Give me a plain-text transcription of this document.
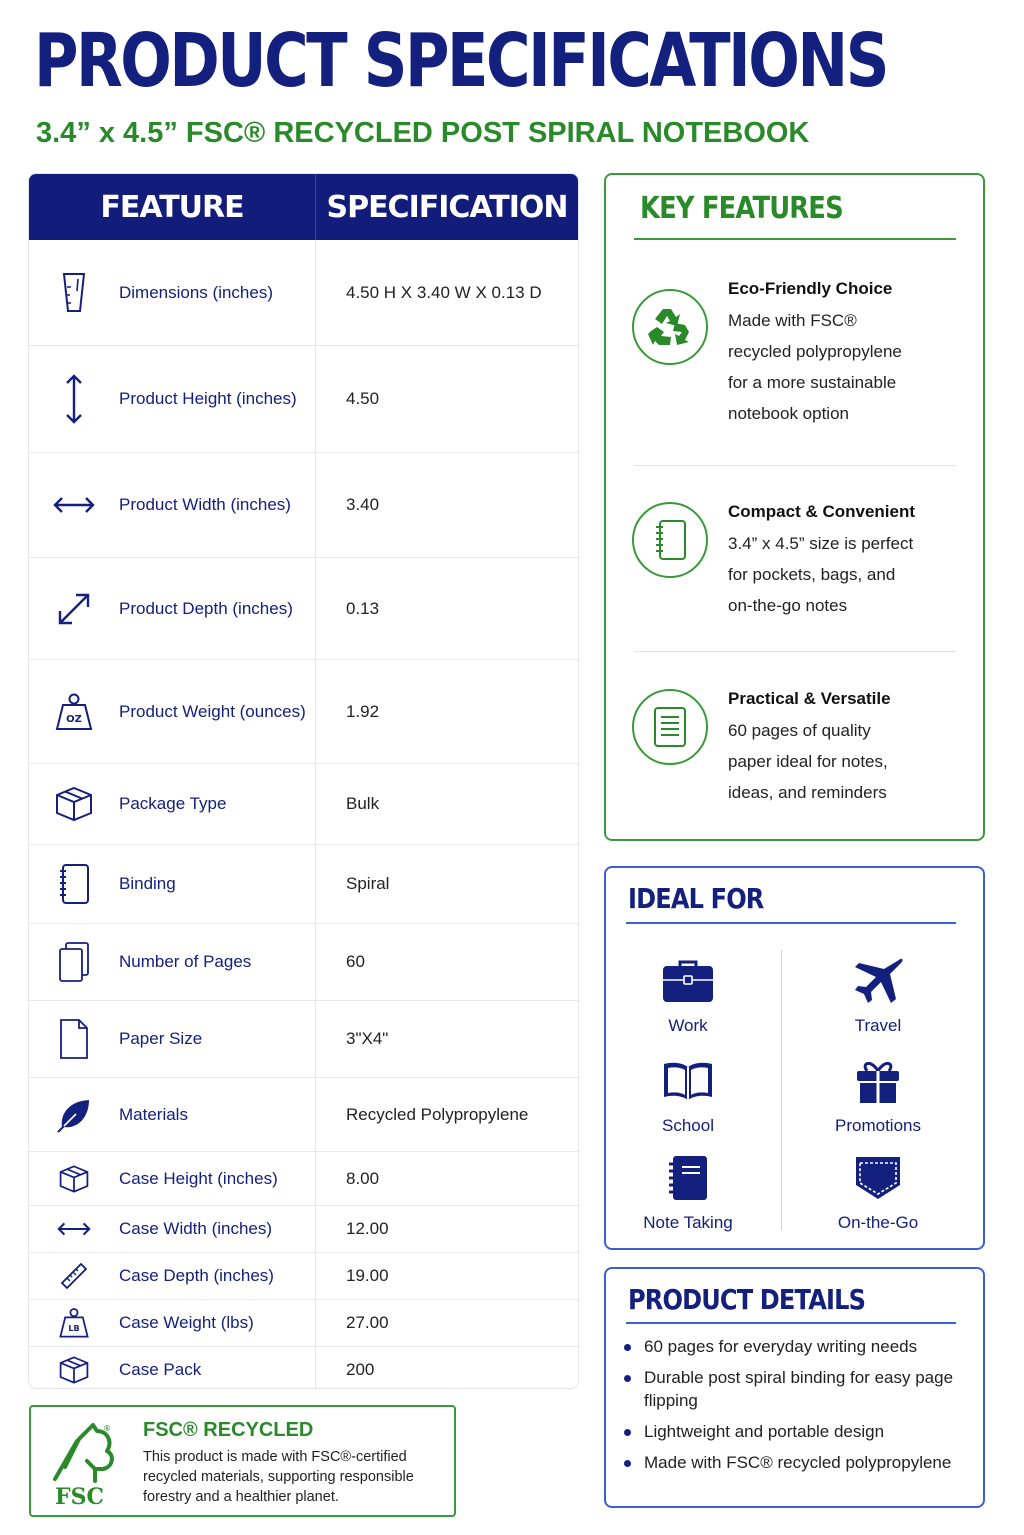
PRODUCT SPECIFICATIONS
3.4” x 4.5” FSC® RECYCLED POST SPIRAL NOTEBOOK
FEATURE	SPECIFICATION
Dimensions (inches)	4.50 H X 3.40 W X 0.13 D
Product Height (inches)	4.50
Product Width (inches)	3.40
Product Depth (inches)	0.13
OZ Product Weight (ounces)	1.92
Package Type	Bulk
Binding	Spiral
Number of Pages	60
Paper Size	3"X4"
Materials	Recycled Polypropylene
Case Height (inches)	8.00
Case Width (inches)	12.00
Case Depth (inches)	19.00
LB Case Weight (lbs)	27.00
Case Pack	200
KEY FEATURES
Eco-Friendly Choice
Made with FSC®
recycled polypropylene
for a more sustainable
notebook option
Compact & Convenient
3.4” x 4.5” size is perfect
for pockets, bags, and
on-the-go notes
Practical & Versatile
60 pages of quality
paper ideal for notes,
ideas, and reminders
IDEAL FOR
Work	Travel
School	Promotions
Note Taking	On-the-Go
PRODUCT DETAILS
60 pages for everyday writing needs
Durable post spiral binding for easy page flipping
Lightweight and portable design
Made with FSC® recycled polypropylene
®
FSC
FSC® RECYCLED
This product is made with FSC®-certified recycled materials, supporting responsible forestry and a healthier planet.
